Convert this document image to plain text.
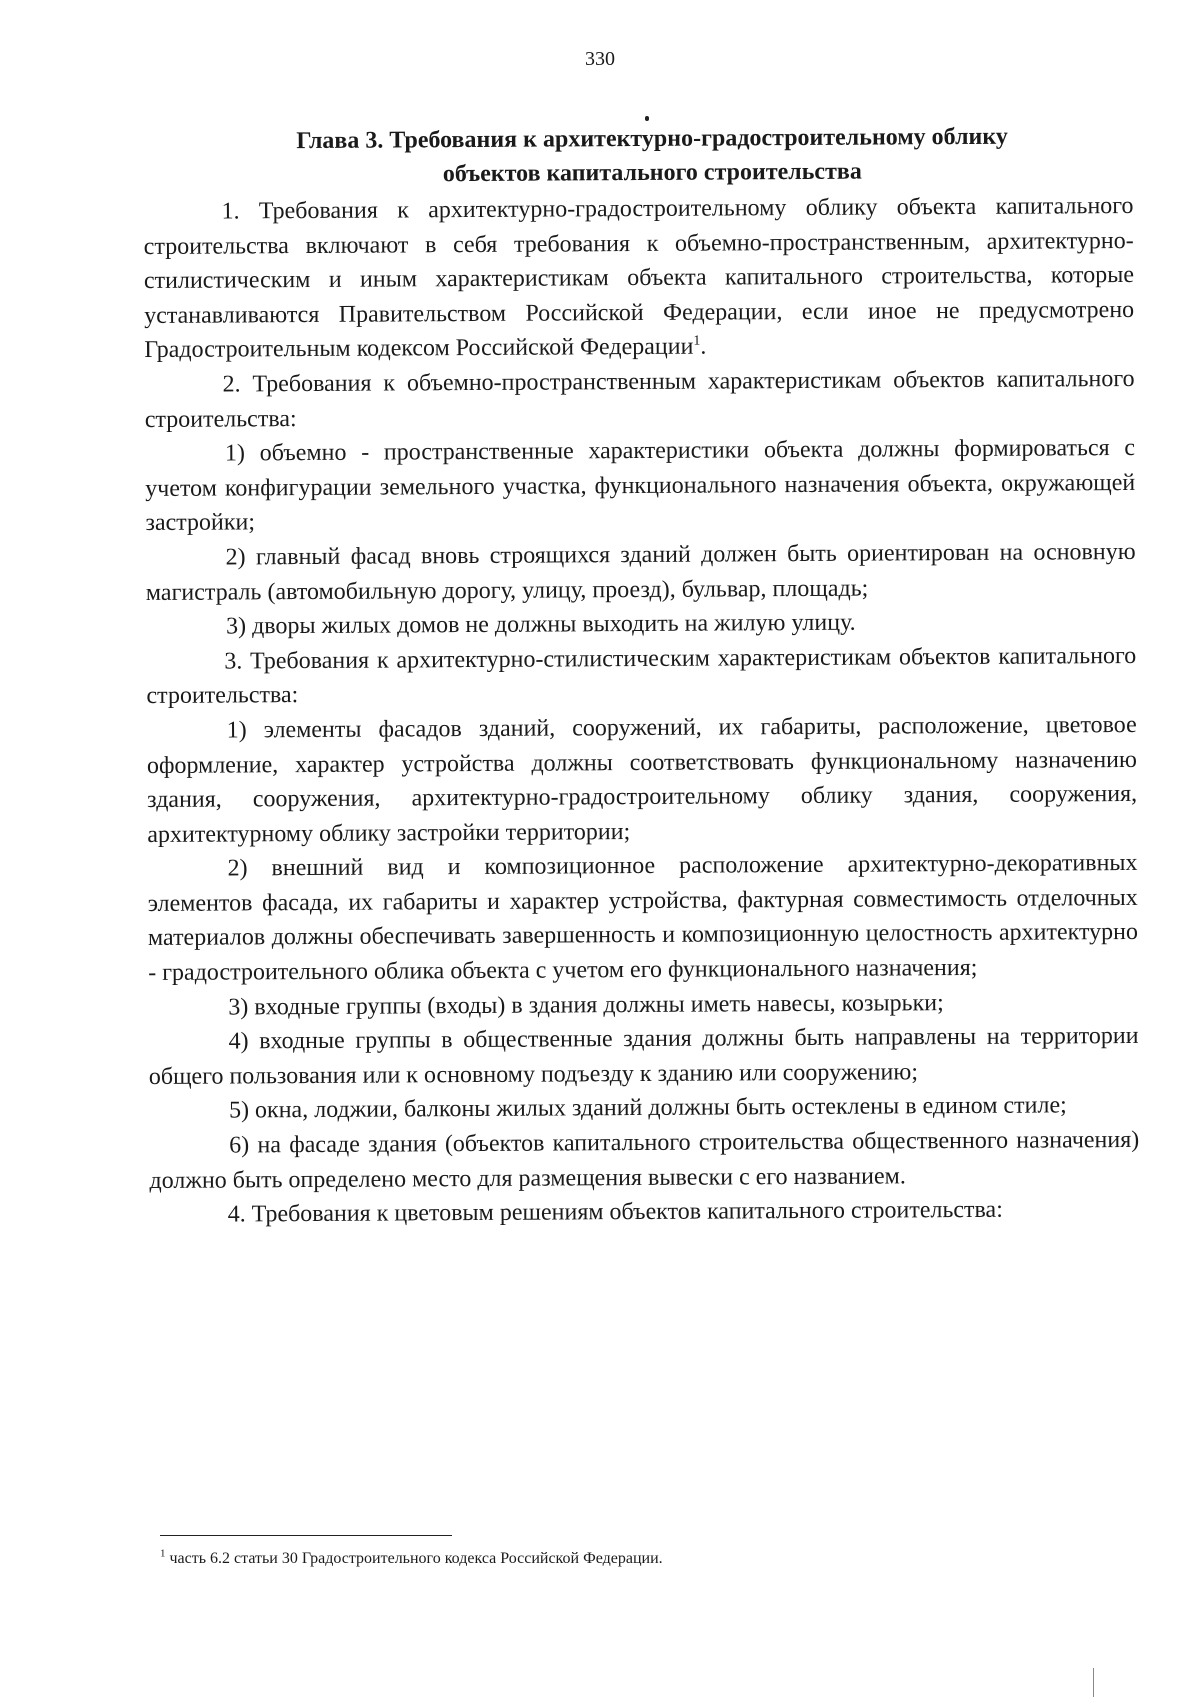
330
Глава 3. Требования к архитектурно-градостроительному облику
объектов капитального строительства

1. Требования к архитектурно-градостроительному облику объекта капитального строительства включают в себя требования к объемно-пространственным, архитектурно-стилистическим и иным характеристикам объекта капитального строительства, которые устанавливаются Правительством Российской Федерации, если иное не предусмотрено Градостроительным кодексом Российской Федерации$^1$.

2. Требования к объемно-пространственным характеристикам объектов капитального строительства:

1) объемно - пространственные характеристики объекта должны формироваться с учетом конфигурации земельного участка, функционального назначения объекта, окружающей застройки;

2) главный фасад вновь строящихся зданий должен быть ориентирован на основную магистраль (автомобильную дорогу, улицу, проезд), бульвар, площадь;

3) дворы жилых домов не должны выходить на жилую улицу.

3. Требования к архитектурно-стилистическим характеристикам объектов капитального строительства:

1) элементы фасадов зданий, сооружений, их габариты, расположение, цветовое оформление, характер устройства должны соответствовать функциональному назначению здания, сооружения, архитектурно-градостроительному облику здания, сооружения, архитектурному облику застройки территории;

2) внешний вид и композиционное расположение архитектурно-декоративных элементов фасада, их габариты и характер устройства, фактурная совместимость отделочных материалов должны обеспечивать завершенность и композиционную целостность архитектурно - градостроительного облика объекта с учетом его функционального назначения;

3) входные группы (входы) в здания должны иметь навесы, козырьки;

4) входные группы в общественные здания должны быть направлены на территории общего пользования или к основному подъезду к зданию или сооружению;

5) окна, лоджии, балконы жилых зданий должны быть остеклены в едином стиле;

6) на фасаде здания (объектов капитального строительства общественного назначения) должно быть определено место для размещения вывески с его названием.

4. Требования к цветовым решениям объектов капитального строительства:

$^1$ часть 6.2 статьи 30 Градостроительного кодекса Российской Федерации.
